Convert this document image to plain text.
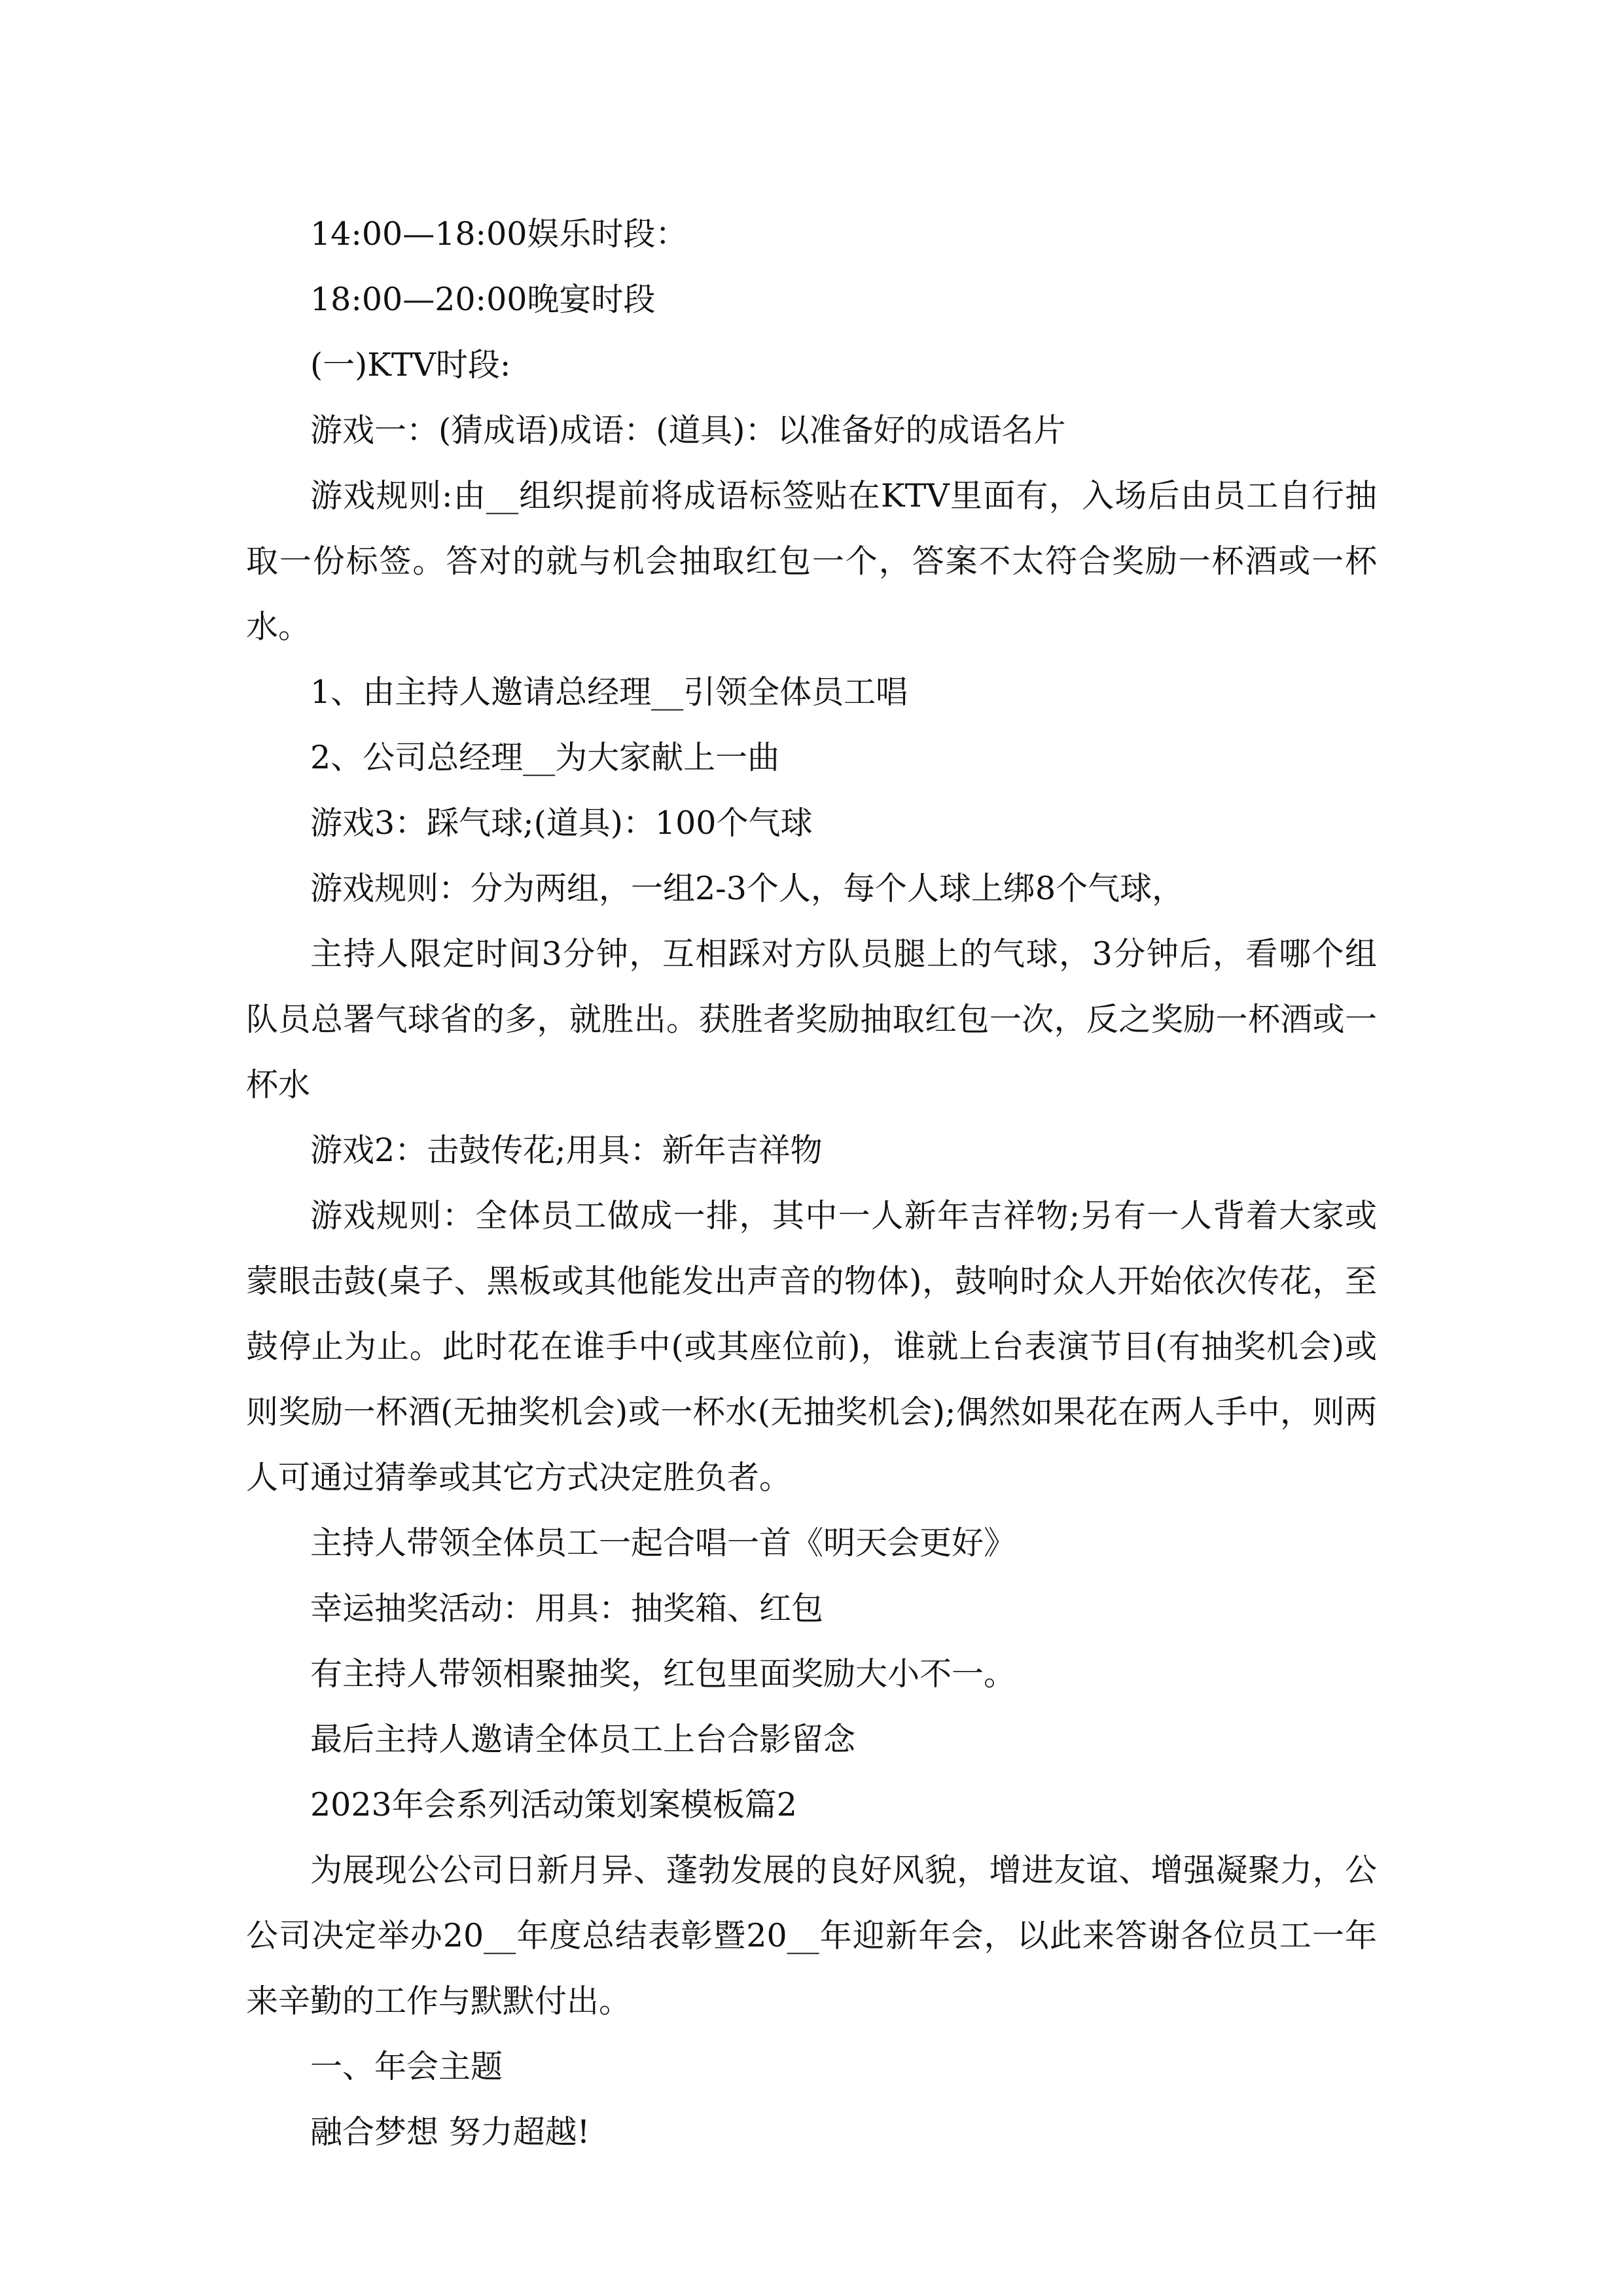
14:00—18:00娱乐时段：

18:00—20:00晚宴时段

(一)KTV时段:

游戏一：(猜成语)成语：(道具)：以准备好的成语名片

游戏规则:由__组织提前将成语标签贴在KTV里面有，入场后由员工自行抽取一份标签。答对的就与机会抽取红包一个，答案不太符合奖励一杯酒或一杯水。

1、由主持人邀请总经理__引领全体员工唱

2、公司总经理__为大家献上一曲

游戏3：踩气球;(道具)：100个气球

游戏规则：分为两组，一组2-3个人，每个人球上绑8个气球，

主持人限定时间3分钟，互相踩对方队员腿上的气球，3分钟后，看哪个组队员总署气球省的多，就胜出。获胜者奖励抽取红包一次，反之奖励一杯酒或一杯水

游戏2：击鼓传花;用具：新年吉祥物

游戏规则：全体员工做成一排，其中一人新年吉祥物;另有一人背着大家或蒙眼击鼓(桌子、黑板或其他能发出声音的物体)，鼓响时众人开始依次传花，至鼓停止为止。此时花在谁手中(或其座位前)，谁就上台表演节目(有抽奖机会)或则奖励一杯酒(无抽奖机会)或一杯水(无抽奖机会);偶然如果花在两人手中，则两人可通过猜拳或其它方式决定胜负者。

主持人带领全体员工一起合唱一首《明天会更好》

幸运抽奖活动：用具：抽奖箱、红包

有主持人带领相聚抽奖，红包里面奖励大小不一。

最后主持人邀请全体员工上台合影留念

2023年会系列活动策划案模板篇2

为展现公公司日新月异、蓬勃发展的良好风貌，增进友谊、增强凝聚力，公公司决定举办20__年度总结表彰暨20__年迎新年会，以此来答谢各位员工一年来辛勤的工作与默默付出。

一、年会主题

融合梦想 努力超越!
